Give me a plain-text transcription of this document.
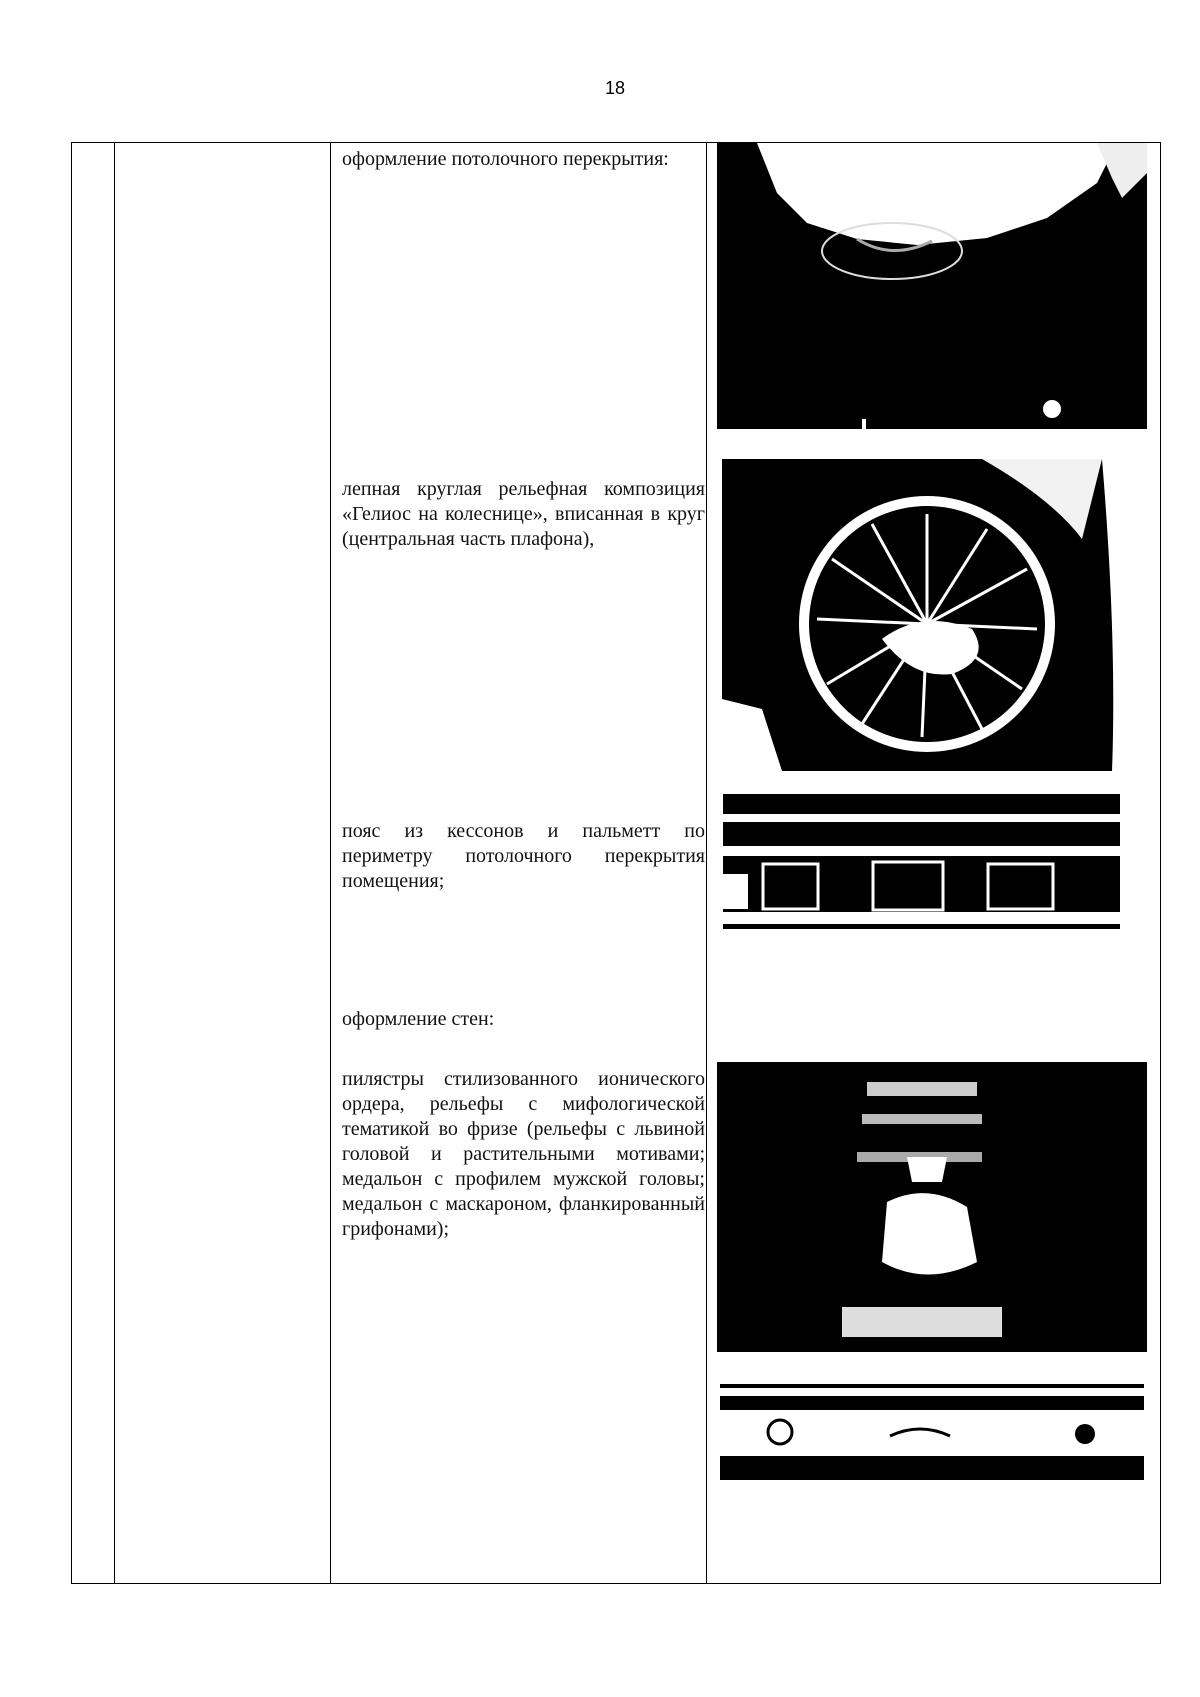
18
оформление потолочного перекрытия:
лепная круглая рельефная композиция «Гелиос на колеснице», вписанная в круг (центральная часть плафона),
пояс из кессонов и пальметт по периметру потолочного перекрытия помещения;
оформление стен:
пилястры стилизованного ионического ордера, рельефы с мифологической тематикой во фризе (рельефы с львиной головой и растительными мотивами; медальон с профилем мужской головы; медальон с маскароном, фланкированный грифонами);
